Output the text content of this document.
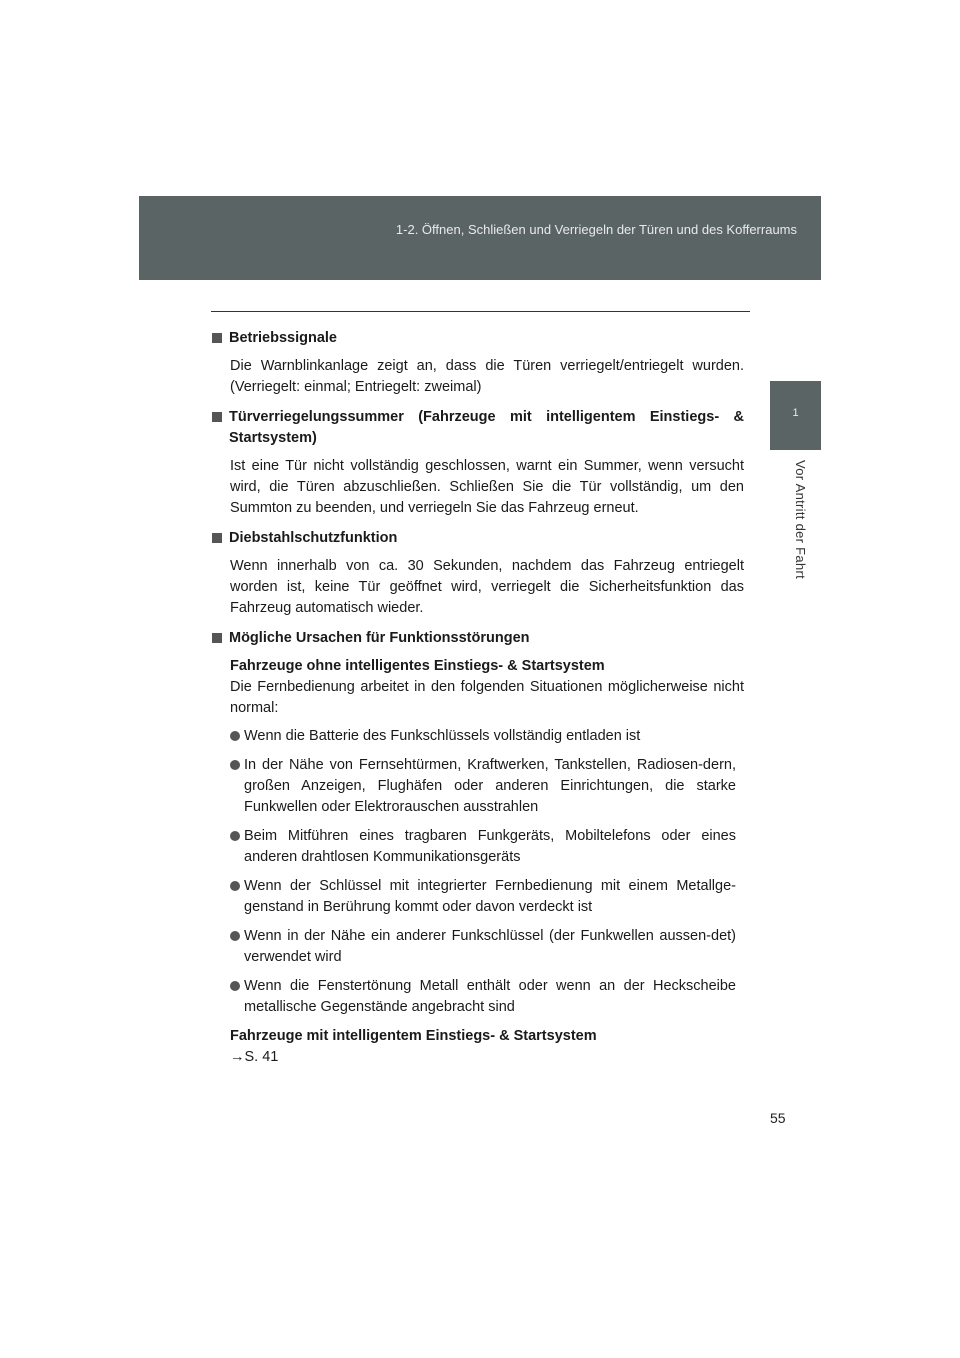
1-2. Öffnen, Schließen und Verriegeln der Türen und des Kofferraums
1
Vor Antritt der Fahrt
Betriebssignale
Die Warnblinkanlage zeigt an, dass die Türen verriegelt/entriegelt wurden. (Verriegelt: einmal; Entriegelt: zweimal)
Türverriegelungssummer (Fahrzeuge mit intelligentem Einstiegs- & Startsystem)
Ist eine Tür nicht vollständig geschlossen, warnt ein Summer, wenn versucht wird, die Türen abzuschließen. Schließen Sie die Tür vollständig, um den Summton zu beenden, und verriegeln Sie das Fahrzeug erneut.
Diebstahlschutzfunktion
Wenn innerhalb von ca. 30 Sekunden, nachdem das Fahrzeug entriegelt worden ist, keine Tür geöffnet wird, verriegelt die Sicherheitsfunktion das Fahrzeug automatisch wieder.
Mögliche Ursachen für Funktionsstörungen
Fahrzeuge ohne intelligentes Einstiegs- & Startsystem
Die Fernbedienung arbeitet in den folgenden Situationen möglicherweise nicht normal:
Wenn die Batterie des Funkschlüssels vollständig entladen ist
In der Nähe von Fernsehtürmen, Kraftwerken, Tankstellen, Radiosen-dern, großen Anzeigen, Flughäfen oder anderen Einrichtungen, die starke Funkwellen oder Elektrorauschen ausstrahlen
Beim Mitführen eines tragbaren Funkgeräts, Mobiltelefons oder eines anderen drahtlosen Kommunikationsgeräts
Wenn der Schlüssel mit integrierter Fernbedienung mit einem Metallge-genstand in Berührung kommt oder davon verdeckt ist
Wenn in der Nähe ein anderer Funkschlüssel (der Funkwellen aussen-det) verwendet wird
Wenn die Fenstertönung Metall enthält oder wenn an der Heckscheibe metallische Gegenstände angebracht sind
Fahrzeuge mit intelligentem Einstiegs- & Startsystem
→S. 41
55
